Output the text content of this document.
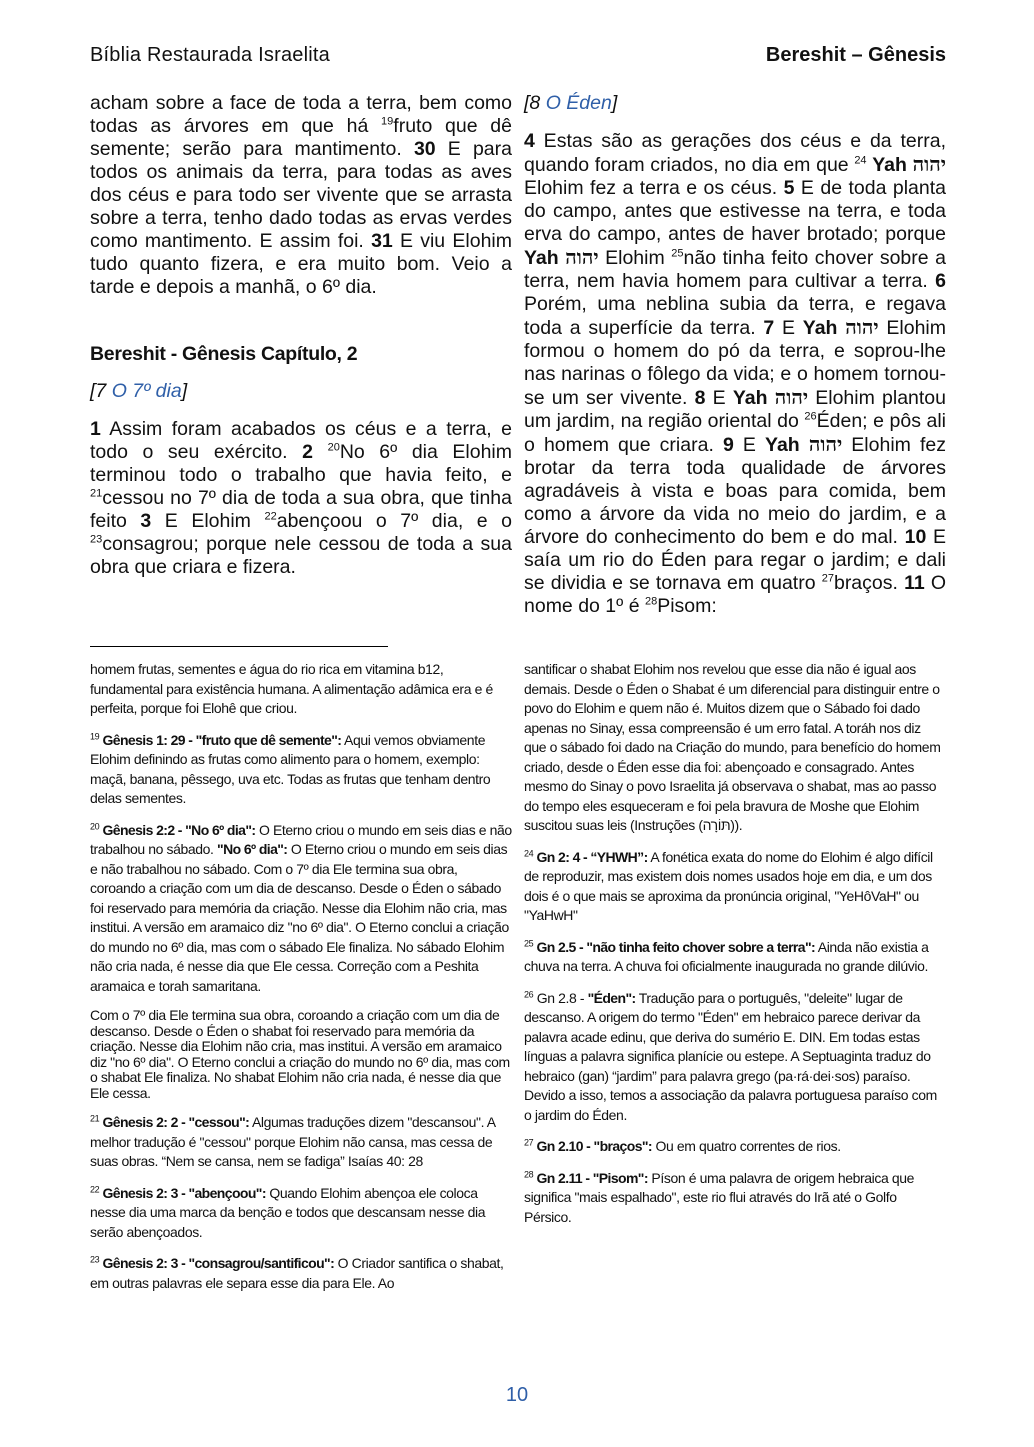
Bíblia Restaurada Israelita	Bereshit – Gênesis

acham sobre a face de toda a terra, bem como todas as árvores em que há $^{19}$fruto que dê semente; serão para mantimento. 30 E para todos os animais da terra, para todas as aves dos céus e para todo ser vivente que se arrasta sobre a terra, tenho dado todas as ervas verdes como mantimento. E assim foi. 31 E viu Elohim tudo quanto fizera, e era muito bom. Veio a tarde e depois a manhã, o 6º dia.

Bereshit - Gênesis Capítulo, 2

[7 O 7º dia]

1 Assim foram acabados os céus e a terra, e todo o seu exército. 2 $^{20}$No 6º dia Elohim terminou todo o trabalho que havia feito, e $^{21}$cessou no 7º dia de toda a sua obra, que tinha feito 3 E Elohim $^{22}$abençoou o 7º dia, e o $^{23}$consagrou; porque nele cessou de toda a sua obra que criara e fizera.

[8 O Éden]

4 Estas são as gerações dos céus e da terra, quando foram criados, no dia em que $^{24}$ Yah יהוה Elohim fez a terra e os céus. 5 E de toda planta do campo, antes que estivesse na terra, e toda erva do campo, antes de haver brotado; porque Yah יהוה Elohim $^{25}$não tinha feito chover sobre a terra, nem havia homem para cultivar a terra. 6 Porém, uma neblina subia da terra, e regava toda a superfície da terra. 7 E Yah יהוה Elohim formou o homem do pó da terra, e soprou-lhe nas narinas o fôlego da vida; e o homem tornou-se um ser vivente. 8 E Yah יהוה Elohim plantou um jardim, na região oriental do $^{26}$Éden; e pôs ali o homem que criara. 9 E Yah יהוה Elohim fez brotar da terra toda qualidade de árvores agradáveis à vista e boas para comida, bem como a árvore da vida no meio do jardim, e a árvore do conhecimento do bem e do mal. 10 E saía um rio do Éden para regar o jardim; e dali se dividia e se tornava em quatro $^{27}$braços. 11 O nome do 1º é $^{28}$Pisom:

homem frutas, sementes e água do rio rica em vitamina b12, fundamental para existência humana. A alimentação adâmica era e é perfeita, porque foi Elohê que criou.

$^{19}$ Gênesis 1: 29 - "fruto que dê semente": Aqui vemos obviamente Elohim definindo as frutas como alimento para o homem, exemplo: maçã, banana, pêssego, uva etc. Todas as frutas que tenham dentro delas sementes.

$^{20}$ Gênesis 2:2 - "No 6º dia": O Eterno criou o mundo em seis dias e não trabalhou no sábado. "No 6º dia": O Eterno criou o mundo em seis dias e não trabalhou no sábado. Com o 7º dia Ele termina sua obra, coroando a criação com um dia de descanso. Desde o Éden o sábado foi reservado para memória da criação. Nesse dia Elohim não cria, mas institui. A versão em aramaico diz "no 6º dia". O Eterno conclui a criação do mundo no 6º dia, mas com o sábado Ele finaliza. No sábado Elohim não cria nada, é nesse dia que Ele cessa. Correção com a Peshita aramaica e torah samaritana.

Com o 7º dia Ele termina sua obra, coroando a criação com um dia de descanso. Desde o Éden o shabat foi reservado para memória da criação. Nesse dia Elohim não cria, mas institui. A versão em aramaico diz "no 6º dia". O Eterno conclui a criação do mundo no 6º dia, mas com o shabat Ele finaliza. No shabat Elohim não cria nada, é nesse dia que Ele cessa.

$^{21}$ Gênesis 2: 2 - "cessou": Algumas traduções dizem "descansou". A melhor tradução é "cessou" porque Elohim não cansa, mas cessa de suas obras. “Nem se cansa, nem se fadiga” Isaías 40: 28

$^{22}$ Gênesis 2: 3 - "abençoou": Quando Elohim abençoa ele coloca nesse dia uma marca da benção e todos que descansam nesse dia serão abençoados.

$^{23}$ Gênesis 2: 3 - "consagrou/santificou": O Criador santifica o shabat, em outras palavras ele separa esse dia para Ele. Ao

santificar o shabat Elohim nos revelou que esse dia não é igual aos demais. Desde o Éden o Shabat é um diferencial para distinguir entre o povo do Elohim e quem não é. Muitos dizem que o Sábado foi dado apenas no Sinay, essa compreensão é um erro fatal. A toráh nos diz que o sábado foi dado na Criação do mundo, para benefício do homem criado, desde o Éden esse dia foi: abençoado e consagrado. Antes mesmo do Sinay o povo Israelita já observava o shabat, mas ao passo do tempo eles esqueceram e foi pela bravura de Moshe que Elohim suscitou suas leis (Instruções (תּוֹרָה)).

$^{24}$ Gn 2: 4 - “YHWH”: A fonética exata do nome do Elohim é algo difícil de reproduzir, mas existem dois nomes usados hoje em dia, e um dos dois é o que mais se aproxima da pronúncia original, "YeHôVaH" ou "YaHwH"

$^{25}$ Gn 2.5 - "não tinha feito chover sobre a terra": Ainda não existia a chuva na terra. A chuva foi oficialmente inaugurada no grande dilúvio.

$^{26}$ Gn 2.8 - "Éden": Tradução para o português, "deleite" lugar de descanso. A origem do termo "Éden" em hebraico parece derivar da palavra acade edinu, que deriva do sumério E. DIN. Em todas estas línguas a palavra significa planície ou estepe. A Septuaginta traduz do hebraico (gan) “jardim” para palavra grego (pa·rá·dei·sos) paraíso. Devido a isso, temos a associação da palavra portuguesa paraíso com o jardim do Éden.

$^{27}$ Gn 2.10 - "braços": Ou em quatro correntes de rios.

$^{28}$ Gn 2.11 - "Pisom": Píson é uma palavra de origem hebraica que significa "mais espalhado", este rio flui através do Irã até o Golfo Pérsico.

10
